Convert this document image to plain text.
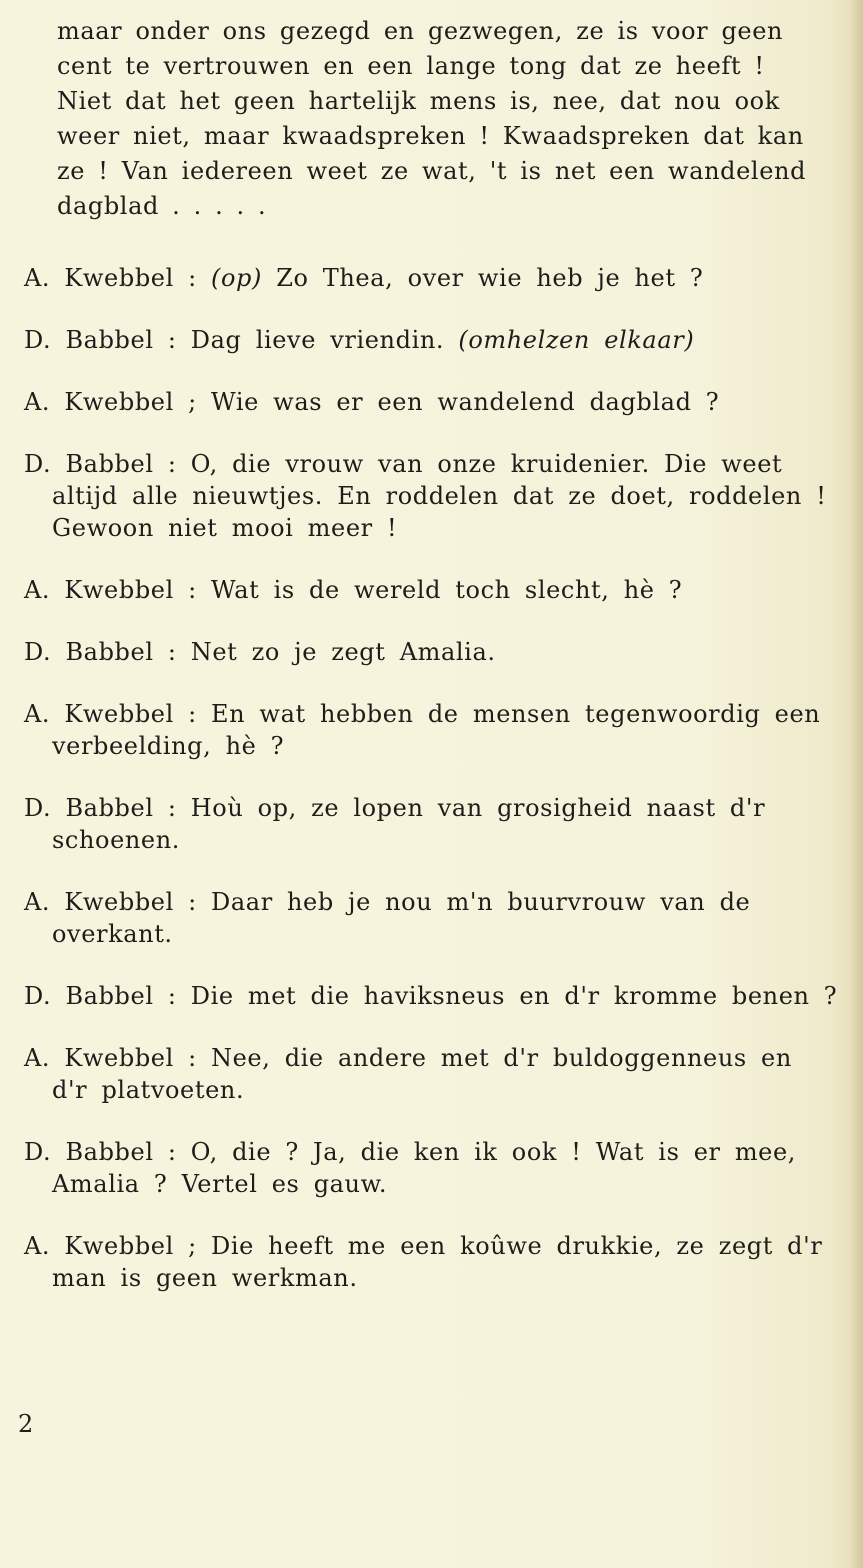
maar onder ons gezegd en gezwegen, ze is voor geen
cent te vertrouwen en een lange tong dat ze heeft !
Niet dat het geen hartelijk mens is, nee, dat nou ook
weer niet, maar kwaadspreken ! Kwaadspreken dat kan
ze ! Van iedereen weet ze wat, 't is net een wandelend
dagblad . . . . .
A. Kwebbel : (op) Zo Thea, over wie heb je het ?
D. Babbel : Dag lieve vriendin. (omhelzen elkaar)
A. Kwebbel ; Wie was er een wandelend dagblad ?
D. Babbel : O, die vrouw van onze kruidenier. Die weet altijd alle nieuwtjes. En roddelen dat ze doet, roddelen ! Gewoon niet mooi meer !
A. Kwebbel : Wat is de wereld toch slecht, hè ?
D. Babbel : Net zo je zegt Amalia.
A. Kwebbel : En wat hebben de mensen tegenwoordig een verbeelding, hè ?
D. Babbel : Hoù op, ze lopen van grosigheid naast d'r schoenen.
A. Kwebbel : Daar heb je nou m'n buurvrouw van de overkant.
D. Babbel : Die met die haviksneus en d'r kromme benen ?
A. Kwebbel : Nee, die andere met d'r buldoggenneus en d'r platvoeten.
D. Babbel : O, die ? Ja, die ken ik ook ! Wat is er mee, Amalia ? Vertel es gauw.
A. Kwebbel ; Die heeft me een koûwe drukkie, ze zegt d'r man is geen werkman.
2
